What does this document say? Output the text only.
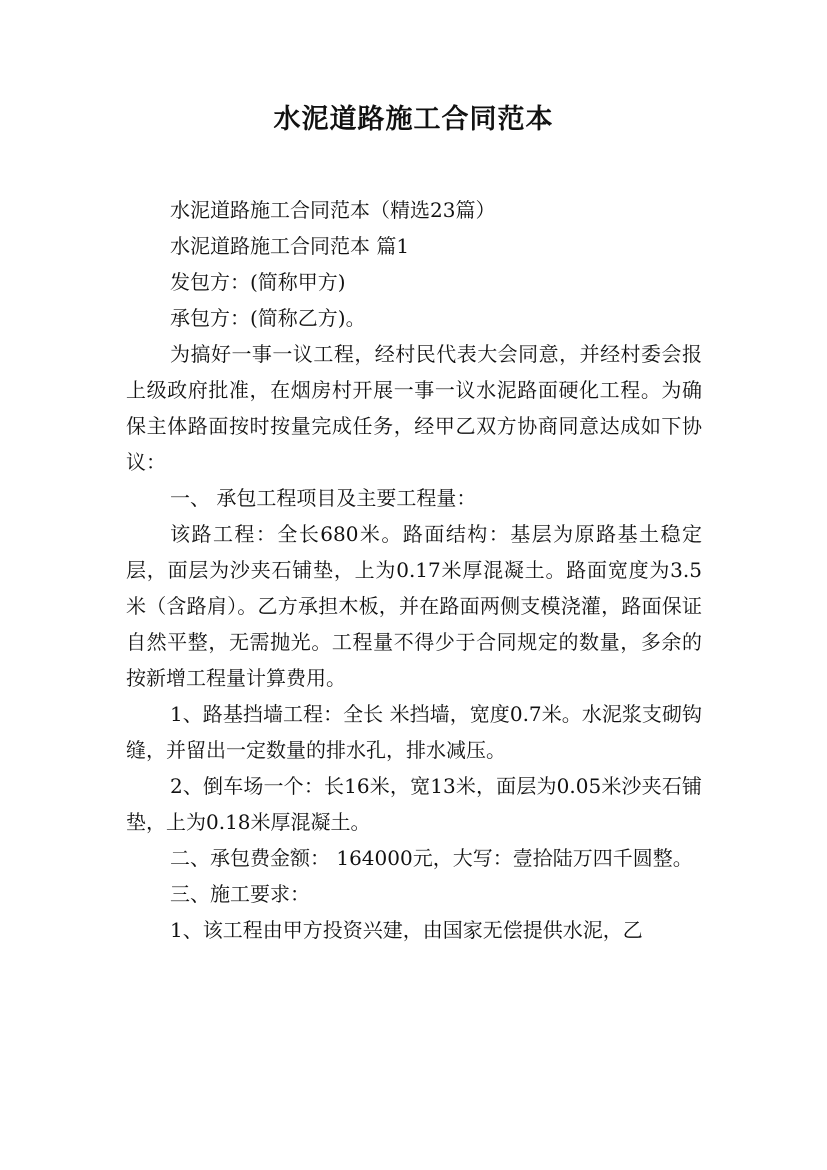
水泥道路施工合同范本

水泥道路施工合同范本（精选23篇）

水泥道路施工合同范本 篇1

发包方：(简称甲方)

承包方：(简称乙方)。

为搞好一事一议工程，经村民代表大会同意，并经村委会报上级政府批准，在烟房村开展一事一议水泥路面硬化工程。为确保主体路面按时按量完成任务，经甲乙双方协商同意达成如下协议：

一、 承包工程项目及主要工程量：

该路工程：全长680米。路面结构：基层为原路基土稳定层，面层为沙夹石铺垫，上为0.17米厚混凝土。路面宽度为3.5米（含路肩）。乙方承担木板，并在路面两侧支模浇灌，路面保证自然平整，无需抛光。工程量不得少于合同规定的数量，多余的按新增工程量计算费用。

1、路基挡墙工程：全长 米挡墙，宽度0.7米。水泥浆支砌钩缝，并留出一定数量的排水孔，排水减压。

2、倒车场一个：长16米，宽13米，面层为0.05米沙夹石铺垫，上为0.18米厚混凝土。

二、承包费金额： 164000元，大写：壹拾陆万四千圆整。

三、施工要求：

1、该工程由甲方投资兴建，由国家无偿提供水泥，乙
